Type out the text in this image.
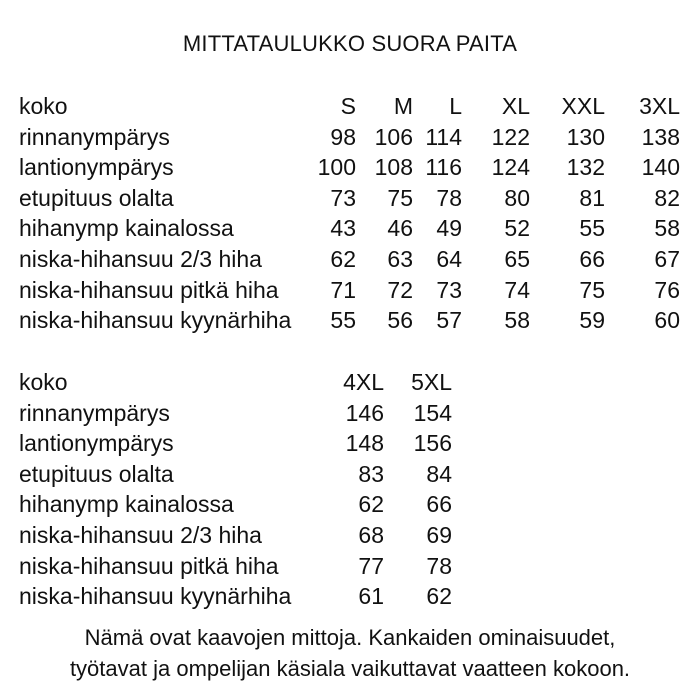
MITTATAULUKKO SUORA PAITA
koko	S M L XL XXL 3XL
rinnanympärys	98 106 114 122 130 138
lantionympärys	100 108 116 124 132 140
etupituus olalta	73 75 78 80 81 82
hihanymp kainalossa	43 46 49 52 55 58
niska-hihansuu 2/3 hiha	62 63 64 65 66 67
niska-hihansuu pitkä hiha 71 72 73 74 75 76
niska-hihansuu kyynärhiha 55 56 57 58 59 60
koko	4XL 5XL
rinnanympärys	146 154
lantionympärys	148 156
etupituus olalta	83 84
hihanymp kainalossa	62 66
niska-hihansuu 2/3 hiha	68 69
niska-hihansuu pitkä hiha	77 78
niska-hihansuu kyynärhiha	61 62
Nämä ovat kaavojen mittoja. Kankaiden ominaisuudet,
työtavat ja ompelijan käsiala vaikuttavat vaatteen kokoon.
